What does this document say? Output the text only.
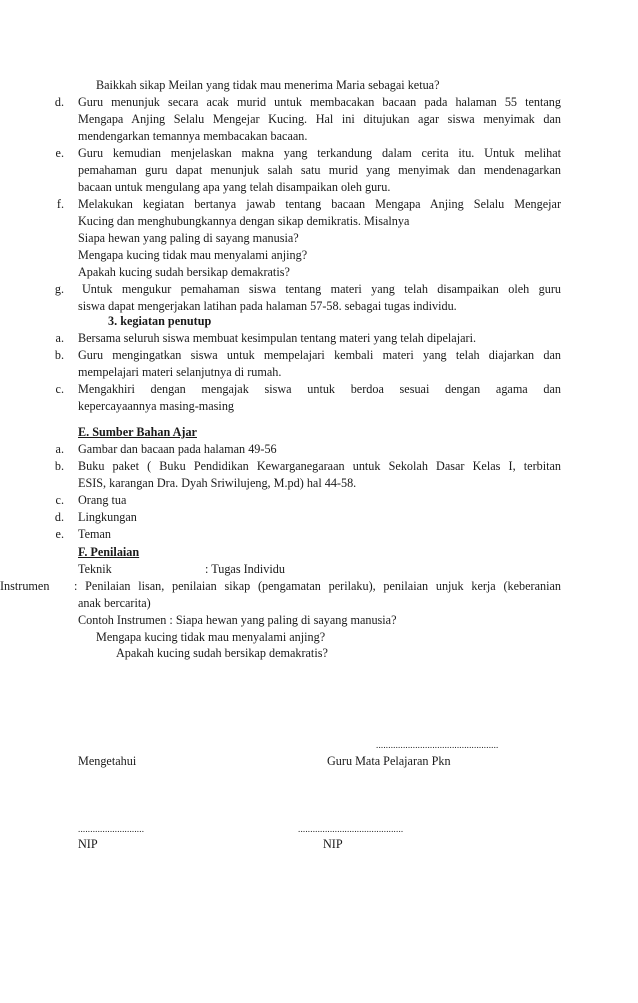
Baikkah sikap Meilan yang tidak mau menerima Maria sebagai ketua?
d. Guru menunjuk secara acak murid untuk membacakan bacaan pada halaman 55 tentang
Mengapa Anjing Selalu Mengejar Kucing. Hal ini ditujukan agar siswa menyimak dan
mendengarkan temannya membacakan bacaan.
e. Guru kemudian menjelaskan makna yang terkandung dalam cerita itu. Untuk melihat
pemahaman guru dapat menunjuk salah satu murid yang menyimak dan mendenagarkan
bacaan untuk mengulang apa yang telah disampaikan oleh guru.
f. Melakukan kegiatan bertanya jawab tentang bacaan Mengapa Anjing Selalu Mengejar
Kucing dan menghubungkannya dengan sikap demikratis. Misalnya
Siapa hewan yang paling di sayang manusia?
Mengapa kucing tidak mau menyalami anjing?
Apakah kucing sudah bersikap demakratis?
g. Untuk mengukur pemahaman siswa tentang materi yang telah disampaikan oleh guru
siswa dapat mengerjakan latihan pada halaman 57-58. sebagai tugas individu.
3. kegiatan penutup
a. Bersama seluruh siswa membuat kesimpulan tentang materi yang telah dipelajari.
b. Guru mengingatkan siswa untuk mempelajari kembali materi yang telah diajarkan dan
mempelajari materi selanjutnya di rumah.
c. Mengakhiri dengan mengajak siswa untuk berdoa sesuai dengan agama dan
kepercayaannya masing-masing
E. Sumber Bahan Ajar
a. Gambar dan bacaan pada halaman 49-56
b. Buku paket ( Buku Pendidikan Kewarganegaraan untuk Sekolah Dasar Kelas I, terbitan
ESIS, karangan Dra. Dyah Sriwilujeng, M.pd) hal 44-58.
c. Orang tua
d. Lingkungan
e. Teman
F. Penilaian
Teknik	: Tugas Individu
Instrumen : Penilaian lisan, penilaian sikap (pengamatan perilaku), penilaian unjuk kerja (keberanian
anak bercarita)
Contoh Instrumen : Siapa hewan yang paling di sayang manusia?
Mengapa kucing tidak mau menyalami anjing?
Apakah kucing sudah bersikap demakratis?
..................................................
Mengetahui	Guru Mata Pelajaran Pkn
...........................	...........................................
NIP	NIP
